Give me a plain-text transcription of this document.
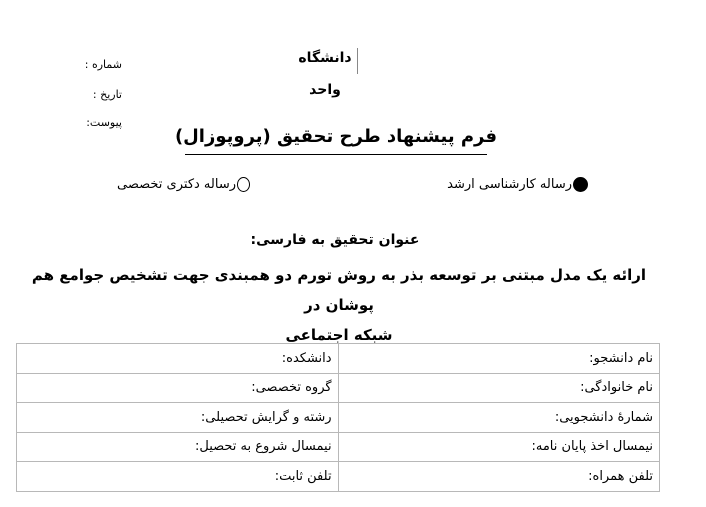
شماره :
تاریخ :
پیوست:
دانشگاه
واحد
فرم پیشنهاد طرح تحقیق (پروپوزال)
رساله کارشناسی ارشد
رساله دکتری تخصصی
عنوان تحقیق به فارسی:
ارائه یک مدل مبتنی بر توسعه بذر به روش تورم دو همبندی جهت تشخیص جوامع هم پوشان در
شبکه اجتماعی
نام دانشجو:	دانشکده:
نام خانوادگی:	گروه تخصصی:
شمارهٔ دانشجویی:	رشته و گرایش تحصیلی:
نیمسال اخذ پایان نامه:	نیمسال شروع به تحصیل:
تلفن همراه:	تلفن ثابت:
